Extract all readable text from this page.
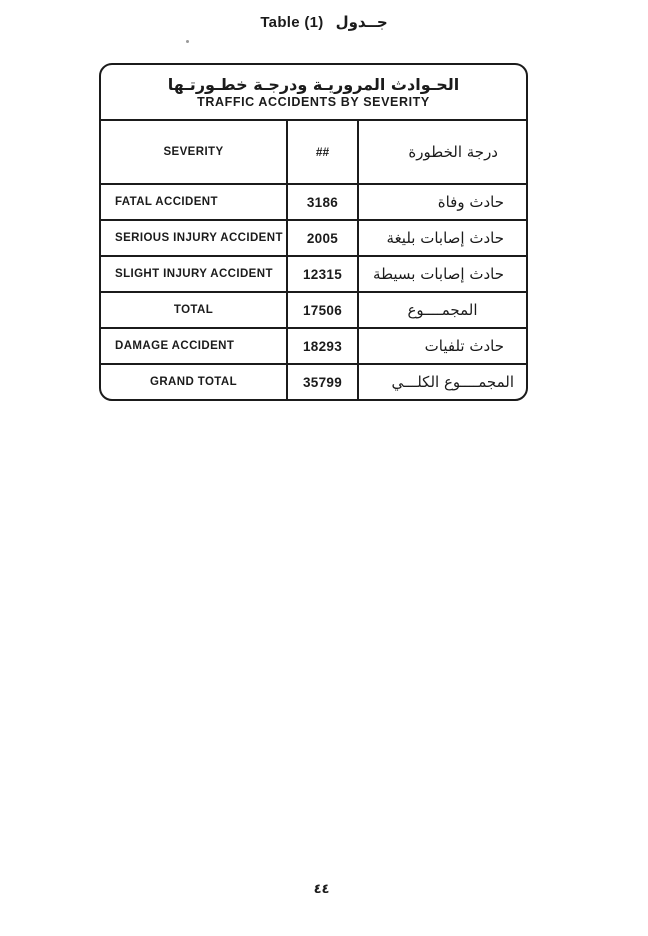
Table (1) جــدول
الحـوادث المروريـة ودرجـة خطـورتـها
TRAFFIC ACCIDENTS BY SEVERITY
SEVERITY	##	درجة الخطورة
FATAL ACCIDENT	3186	حادث وفاة
SERIOUS INJURY ACCIDENT	2005	حادث إصابات بليغة
SLIGHT INJURY ACCIDENT	12315	حادث إصابات بسيطة
TOTAL	17506	المجمــــوع
DAMAGE ACCIDENT	18293	حادث تلفيات
GRAND TOTAL	35799	المجمــــوع الكلـــي
٤٤
